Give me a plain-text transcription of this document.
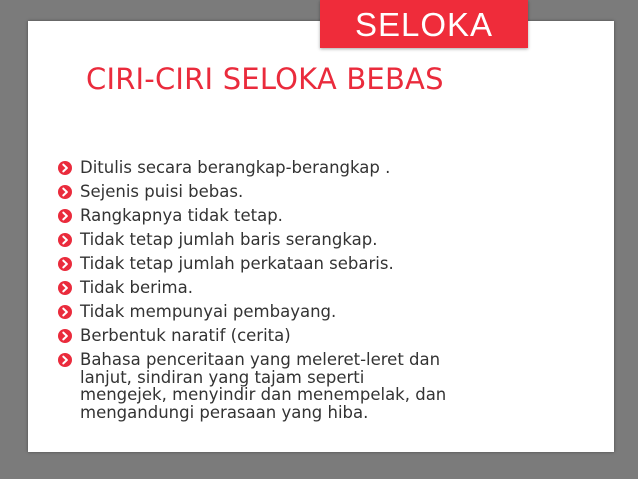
SELOKA
CIRI-CIRI SELOKA BEBAS
Ditulis secara berangkap-berangkap .
Sejenis puisi bebas.
Rangkapnya tidak tetap.
Tidak tetap jumlah baris serangkap.
Tidak tetap jumlah perkataan sebaris.
Tidak berima.
Tidak mempunyai pembayang.
Berbentuk naratif (cerita)
Bahasa penceritaan yang meleret-leret dan
lanjut, sindiran yang tajam seperti
mengejek, menyindir dan menempelak, dan
mengandungi perasaan yang hiba.
